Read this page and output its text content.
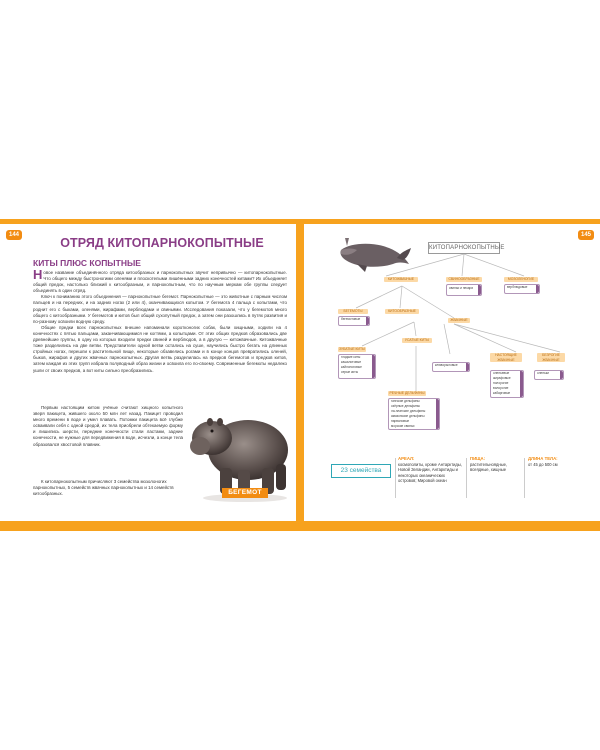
144	145
ОТРЯД КИТОПАРНОКОПЫТНЫЕ
КИТЫ ПЛЮС КОПЫТНЫЕ

Новое название объединённого отряда китообразных и парнокопытных звучит непривычно — китопарнокопытные. Что общего между быстроногими оленями и плоскотелыми лишёнными задних конечностей китами? Их объединяет общий предок, настолько близкий к китообразным, и парнокопытным, что по научным меркам обе группы следует объединять в один отряд.

Ключ к пониманию этого объединения — парнокопытные бегемот. Парнокопытные — это животные с парным числом пальцев и на передних, и на задних ногах (2 или 4), оканчивающихся копытом. У бегемота 4 пальца с копытами, что роднит его с быками, оленями, жирафами, верблюдами и свиньями. Исследования показали, что у бегемотов много общего с китообразными. У бегемотов и китов был общий сухопутный предок, а затем они разошлись в путях развития и по-разному освоили водную среду.

Общие предки всех парнокопытных внешне напоминали коротконогих собак, были хищными, ходили на 4 конечностях с пятью пальцами, заканчивающимися не когтями, а копытцами. От этих общих предков образовались две древнейшие группы, в одну из которых входили предки свиней и верблюдов, а в другую — китожвачные. Китожвачные тоже разделились на две ветви. Представители одной ветви остались на суше, научились быстро бегать на длинных стройных ногах, перешли к растительной пище, некоторые обзавелись рогами и в конце концов превратились оленей, быков, жирафов и других жвачных парнокопытных. Другая ветвь разделилась на предков бегемотов и предков китов, затем каждая из этих групп избрала полуводный образ жизни и освоила его по-своему. Современные бегемоты недалеко ушли от своих предков, а вот киты сильно преобразились.

Первым настоящим китом учёные считают хищного копытного зверя пакицета, жившего около 50 млн лет назад. Пакицет проводил много времени в воде и умел плавать. Потомки пакицета всё глубже осваивали себя с одной средой, их тела приобрели обтекаемую форму и лишились шерсти, передние конечности стали ластами, задние конечности, не нужные для передвижения в воде, исчезли, а конце тела образовался хвостовой плавник.

К китопарнокопытным причисляют 3 семейства мозолоногих парнокопытных, 5 семейств жвачных парнокопытных и 14 семейств китообразных.	БЕГЕМОТ
КИТОПАРНОКОПЫТНЫЕ
КИТОЖВАЧНЫЕ	СВИНООБРАЗНЫЕ	МОЗОЛЕНОГИЕ
свиньи и пекари	верблюдовые
БЕГЕМОТЫ
бегемотовые
КИТООБРАЗНЫЕ
ЖВАЧНЫЕ
ЗУБАТЫЕ КИТЫ
гладкие киты
кашалотовые
кайлоноговые
серые киты
УСАТЫЕ КИТЫ
клюворыловые
НАСТОЯЩИЕ ЖВАЧНЫЕ
оленьевые
жирафовые
полорогие
вилорогие
кабарговые
БЕЗРОГИЕ ЖВАЧНЫЕ
оленьки
РЕЧНЫЕ ДЕЛЬФИНЫ
гангские дельфины
озёрные дельфины
ла-платские дельфины
амазонские дельфины
нарваловые
морские свиньи
23 семейства
АРЕАЛ:
космополиты, кроме Антарктиды, Новой Зеландии, Антарктиды и некоторых океанических островов; Мировой океан
ПИЩА:
растительноядные, всеядные, хищные
ДЛИНА ТЕЛА:
от 45 до 500 см
